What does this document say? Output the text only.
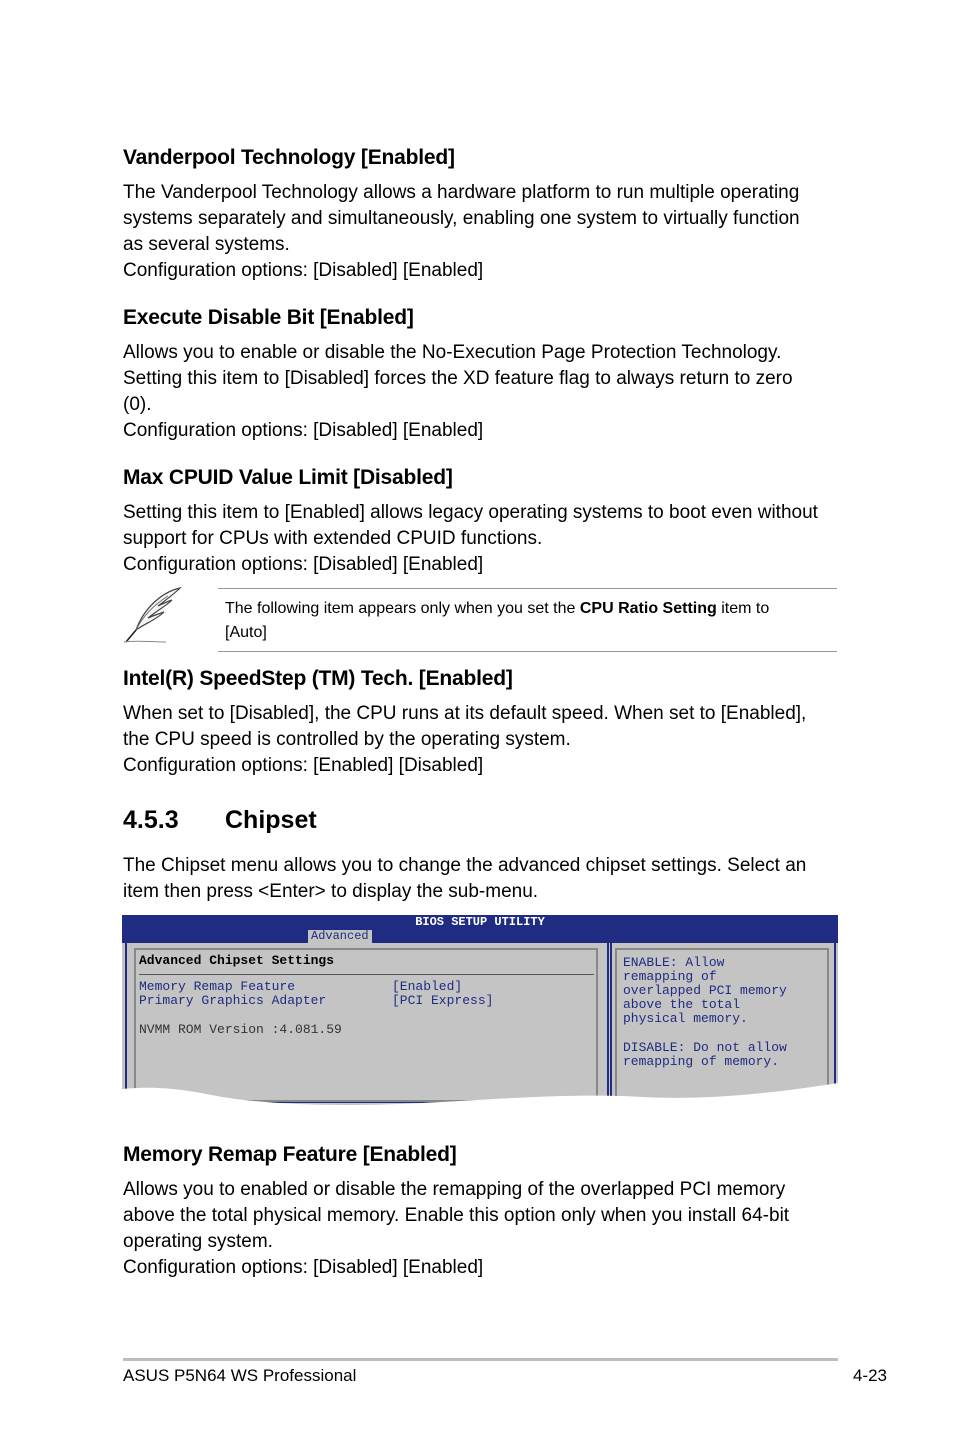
Vanderpool Technology [Enabled]

The Vanderpool Technology allows a hardware platform to run multiple operating
systems separately and simultaneously, enabling one system to virtually function
as several systems.
Configuration options: [Disabled] [Enabled]

Execute Disable Bit [Enabled]

Allows you to enable or disable the No-Execution Page Protection Technology.
Setting this item to [Disabled] forces the XD feature flag to always return to zero
(0).
Configuration options: [Disabled] [Enabled]

Max CPUID Value Limit [Disabled]

Setting this item to [Enabled] allows legacy operating systems to boot even without
support for CPUs with extended CPUID functions.
Configuration options: [Disabled] [Enabled]

The following item appears only when you set the CPU Ratio Setting item to
[Auto]
Intel(R) SpeedStep (TM) Tech. [Enabled]

When set to [Disabled], the CPU runs at its default speed. When set to [Enabled],
the CPU speed is controlled by the operating system.
Configuration options: [Enabled] [Disabled]

4.5.3 Chipset

The Chipset menu allows you to change the advanced chipset settings. Select an
item then press <Enter> to display the sub-menu.

BIOS SETUP UTILITY
Advanced
Advanced Chipset Settings
Memory Remap Feature	[Enabled]
Primary Graphics Adapter	[PCI Express]
NVMM ROM Version :4.081.59
ENABLE: Allow
remapping of
overlapped PCI memory
above the total
physical memory.
DISABLE: Do not allow
remapping of memory.
Memory Remap Feature [Enabled]

Allows you to enabled or disable the remapping of the overlapped PCI memory
above the total physical memory. Enable this option only when you install 64-bit
operating system.
Configuration options: [Disabled] [Enabled]

ASUS P5N64 WS Professional	4-23
